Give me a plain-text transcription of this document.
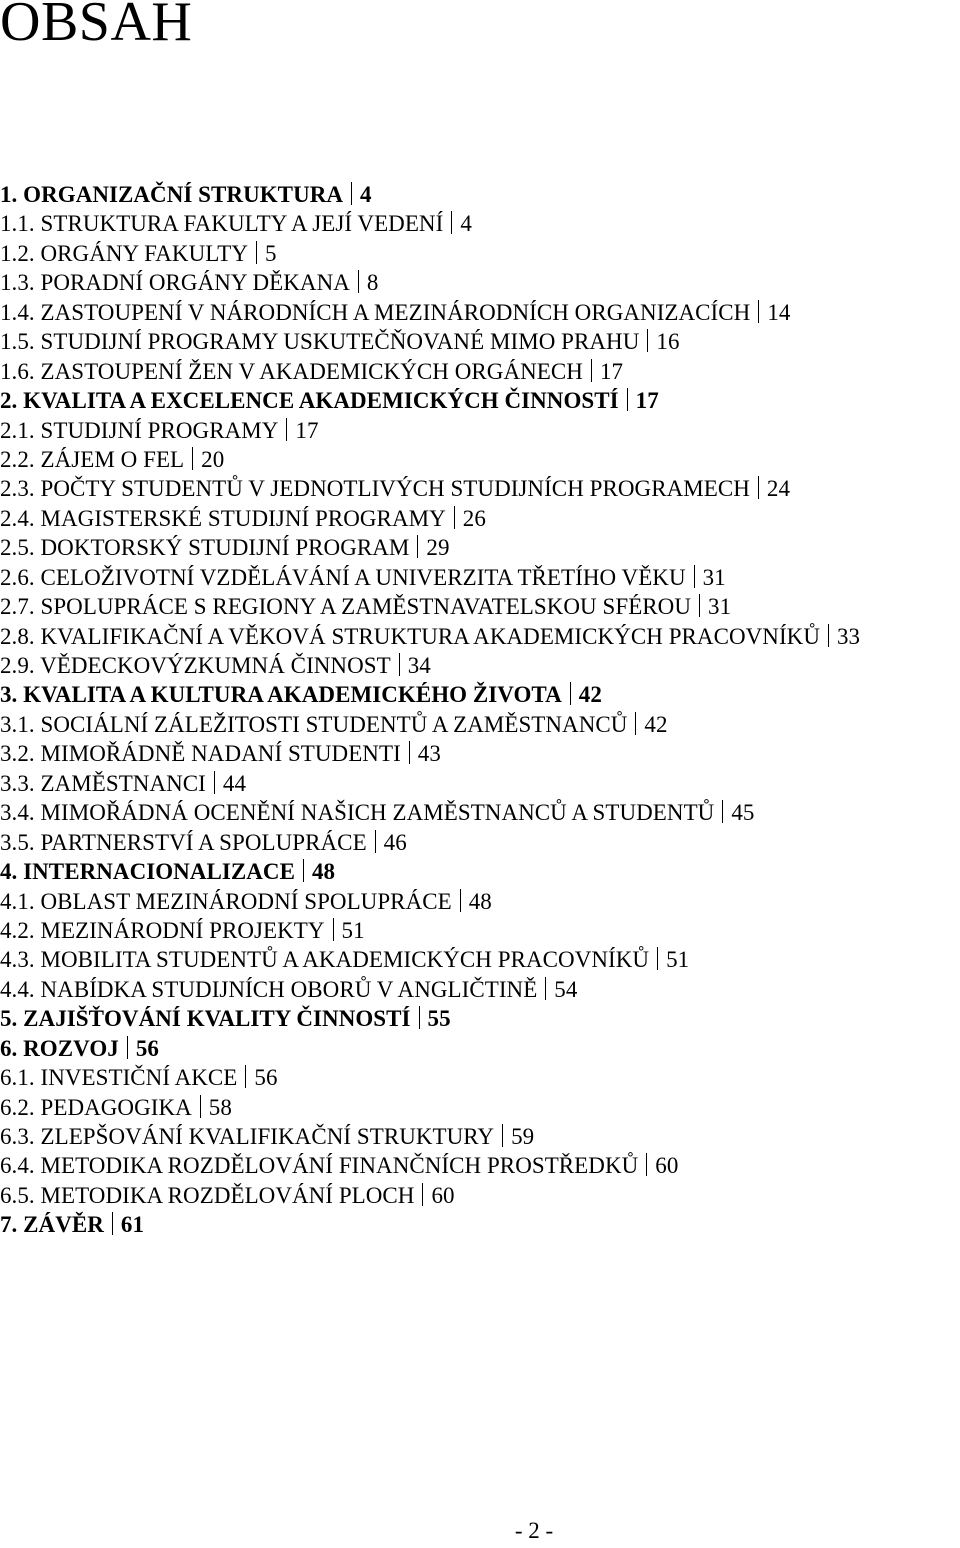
OBSAH
1. ORGANIZAČNÍ STRUKTURA 4
1.1. STRUKTURA FAKULTY A JEJÍ VEDENÍ 4
1.2. ORGÁNY FAKULTY 5
1.3. PORADNÍ ORGÁNY DĚKANA 8
1.4. ZASTOUPENÍ V NÁRODNÍCH A MEZINÁRODNÍCH ORGANIZACÍCH 14
1.5. STUDIJNÍ PROGRAMY USKUTEČŇOVANÉ MIMO PRAHU 16
1.6. ZASTOUPENÍ ŽEN V AKADEMICKÝCH ORGÁNECH 17
2. KVALITA A EXCELENCE AKADEMICKÝCH ČINNOSTÍ 17
2.1. STUDIJNÍ PROGRAMY 17
2.2. ZÁJEM O FEL 20
2.3. POČTY STUDENTŮ V JEDNOTLIVÝCH STUDIJNÍCH PROGRAMECH 24
2.4. MAGISTERSKÉ STUDIJNÍ PROGRAMY 26
2.5. DOKTORSKÝ STUDIJNÍ PROGRAM 29
2.6. CELOŽIVOTNÍ VZDĚLÁVÁNÍ A UNIVERZITA TŘETÍHO VĚKU 31
2.7. SPOLUPRÁCE S REGIONY A ZAMĚSTNAVATELSKOU SFÉROU 31
2.8. KVALIFIKAČNÍ A VĚKOVÁ STRUKTURA AKADEMICKÝCH PRACOVNÍKŮ 33
2.9. VĚDECKOVÝZKUMNÁ ČINNOST 34
3. KVALITA A KULTURA AKADEMICKÉHO ŽIVOTA 42
3.1. SOCIÁLNÍ ZÁLEŽITOSTI STUDENTŮ A ZAMĚSTNANCŮ 42
3.2. MIMOŘÁDNĚ NADANÍ STUDENTI 43
3.3. ZAMĚSTNANCI 44
3.4. MIMOŘÁDNÁ OCENĚNÍ NAŠICH ZAMĚSTNANCŮ A STUDENTŮ 45
3.5. PARTNERSTVÍ A SPOLUPRÁCE 46
4. INTERNACIONALIZACE 48
4.1. OBLAST MEZINÁRODNÍ SPOLUPRÁCE 48
4.2. MEZINÁRODNÍ PROJEKTY 51
4.3. MOBILITA STUDENTŮ A AKADEMICKÝCH PRACOVNÍKŮ 51
4.4. NABÍDKA STUDIJNÍCH OBORŮ V ANGLIČTINĚ 54
5. ZAJIŠŤOVÁNÍ KVALITY ČINNOSTÍ 55
6. ROZVOJ 56
6.1. INVESTIČNÍ AKCE 56
6.2. PEDAGOGIKA 58
6.3. ZLEPŠOVÁNÍ KVALIFIKAČNÍ STRUKTURY 59
6.4. METODIKA ROZDĚLOVÁNÍ FINANČNÍCH PROSTŘEDKŮ 60
6.5. METODIKA ROZDĚLOVÁNÍ PLOCH 60
7. ZÁVĚR 61
- 2 -
